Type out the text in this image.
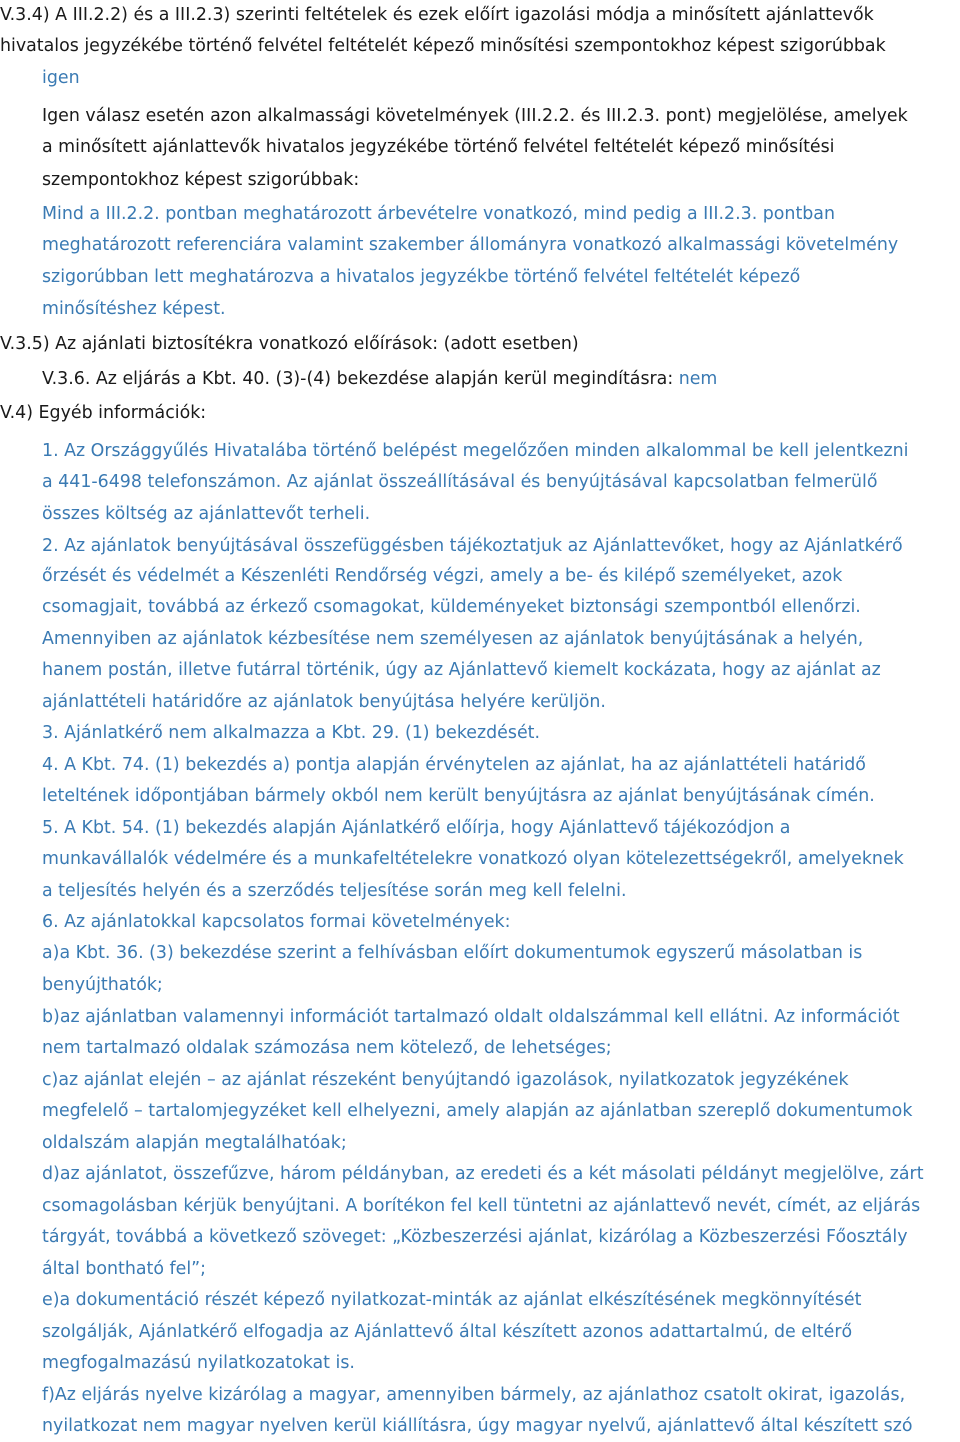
V.3.4) A III.2.2) és a III.2.3) szerinti feltételek és ezek előírt igazolási módja a minősített ajánlattevők
hivatalos jegyzékébe történő felvétel feltételét képező minősítési szempontokhoz képest szigorúbbak
igen
Igen válasz esetén azon alkalmassági követelmények (III.2.2. és III.2.3. pont) megjelölése, amelyek
a minősített ajánlattevők hivatalos jegyzékébe történő felvétel feltételét képező minősítési
szempontokhoz képest szigorúbbak:
Mind a III.2.2. pontban meghatározott árbevételre vonatkozó, mind pedig a III.2.3. pontban
meghatározott referenciára valamint szakember állományra vonatkozó alkalmassági követelmény
szigorúbban lett meghatározva a hivatalos jegyzékbe történő felvétel feltételét képező
minősítéshez képest.
V.3.5) Az ajánlati biztosítékra vonatkozó előírások: (adott esetben)
V.3.6. Az eljárás a Kbt. 40. (3)-(4) bekezdése alapján kerül megindításra: nem
V.4) Egyéb információk:
1. Az Országgyűlés Hivatalába történő belépést megelőzően minden alkalommal be kell jelentkezni
a 441-6498 telefonszámon. Az ajánlat összeállításával és benyújtásával kapcsolatban felmerülő
összes költség az ajánlattevőt terheli.
2. Az ajánlatok benyújtásával összefüggésben tájékoztatjuk az Ajánlattevőket, hogy az Ajánlatkérő
őrzését és védelmét a Készenléti Rendőrség végzi, amely a be- és kilépő személyeket, azok
csomagjait, továbbá az érkező csomagokat, küldeményeket biztonsági szempontból ellenőrzi.
Amennyiben az ajánlatok kézbesítése nem személyesen az ajánlatok benyújtásának a helyén,
hanem postán, illetve futárral történik, úgy az Ajánlattevő kiemelt kockázata, hogy az ajánlat az
ajánlattételi határidőre az ajánlatok benyújtása helyére kerüljön.
3. Ajánlatkérő nem alkalmazza a Kbt. 29. (1) bekezdését.
4. A Kbt. 74. (1) bekezdés a) pontja alapján érvénytelen az ajánlat, ha az ajánlattételi határidő
leteltének időpontjában bármely okból nem került benyújtásra az ajánlat benyújtásának címén.
5. A Kbt. 54. (1) bekezdés alapján Ajánlatkérő előírja, hogy Ajánlattevő tájékozódjon a
munkavállalók védelmére és a munkafeltételekre vonatkozó olyan kötelezettségekről, amelyeknek
a teljesítés helyén és a szerződés teljesítése során meg kell felelni.
6. Az ajánlatokkal kapcsolatos formai követelmények:
a)a Kbt. 36. (3) bekezdése szerint a felhívásban előírt dokumentumok egyszerű másolatban is
benyújthatók;
b)az ajánlatban valamennyi információt tartalmazó oldalt oldalszámmal kell ellátni. Az információt
nem tartalmazó oldalak számozása nem kötelező, de lehetséges;
c)az ajánlat elején – az ajánlat részeként benyújtandó igazolások, nyilatkozatok jegyzékének
megfelelő – tartalomjegyzéket kell elhelyezni, amely alapján az ajánlatban szereplő dokumentumok
oldalszám alapján megtalálhatóak;
d)az ajánlatot, összefűzve, három példányban, az eredeti és a két másolati példányt megjelölve, zárt
csomagolásban kérjük benyújtani. A borítékon fel kell tüntetni az ajánlattevő nevét, címét, az eljárás
tárgyát, továbbá a következő szöveget: „Közbeszerzési ajánlat, kizárólag a Közbeszerzési Főosztály
által bontható fel”;
e)a dokumentáció részét képező nyilatkozat-minták az ajánlat elkészítésének megkönnyítését
szolgálják, Ajánlatkérő elfogadja az Ajánlattevő által készített azonos adattartalmú, de eltérő
megfogalmazású nyilatkozatokat is.
f)Az eljárás nyelve kizárólag a magyar, amennyiben bármely, az ajánlathoz csatolt okirat, igazolás,
nyilatkozat nem magyar nyelven kerül kiállításra, úgy magyar nyelvű, ajánlattevő által készített szó
